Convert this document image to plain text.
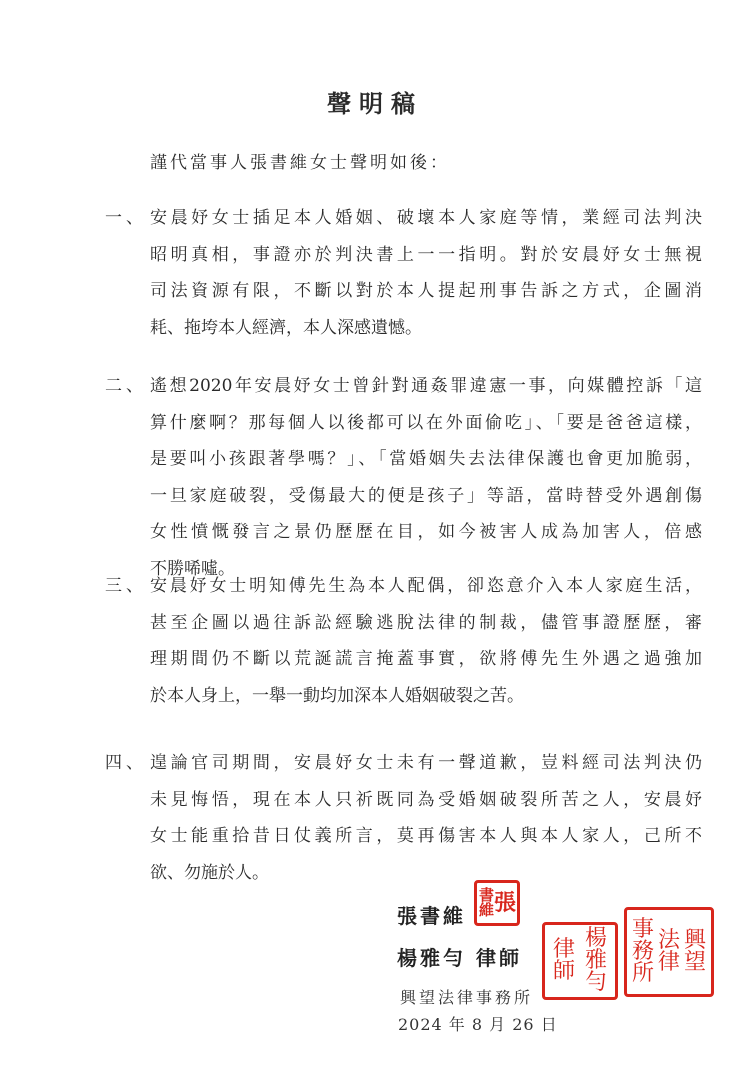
聲明稿
謹代當事人張書維女士聲明如後：
一、 安晨妤女士插足本人婚姻、破壞本人家庭等情，業經司法判決
昭明真相，事證亦於判決書上一一指明。對於安晨妤女士無視
司法資源有限，不斷以對於本人提起刑事告訴之方式，企圖消
耗、拖垮本人經濟，本人深感遺憾。
二、 遙想2020年安晨妤女士曾針對通姦罪違憲一事，向媒體控訴「這
算什麼啊？那每個人以後都可以在外面偷吃」、「要是爸爸這樣，
是要叫小孩跟著學嗎？」、「當婚姻失去法律保護也會更加脆弱，
一旦家庭破裂，受傷最大的便是孩子」等語，當時替受外遇創傷
女性憤慨發言之景仍歷歷在目，如今被害人成為加害人，倍感
不勝唏噓。
三、 安晨妤女士明知傅先生為本人配偶，卻恣意介入本人家庭生活，
甚至企圖以過往訴訟經驗逃脫法律的制裁，儘管事證歷歷，審
理期間仍不斷以荒誕謊言掩蓋事實，欲將傅先生外遇之過強加
於本人身上，一舉一動均加深本人婚姻破裂之苦。
四、 遑論官司期間，安晨妤女士未有一聲道歉，豈料經司法判決仍
未見悔悟，現在本人只祈既同為受婚姻破裂所苦之人，安晨妤
女士能重拾昔日仗義所言，莫再傷害本人與本人家人，己所不
欲、勿施於人。
張書維
楊雅勻 律師
興望法律事務所
2024 年 8 月 26 日
書
維 張
律
師
楊
雅
勻
事
務
所
法
律
興
望
